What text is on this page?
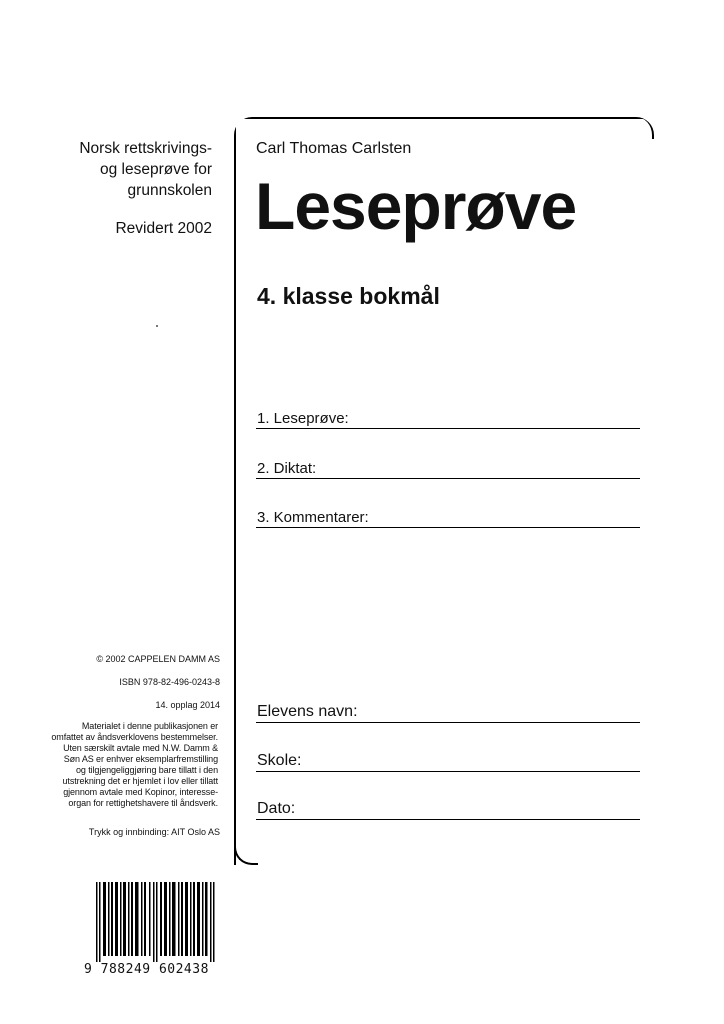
Norsk rettskrivings-
og leseprøve for
grunnskolen
Revidert 2002
© 2002 CAPPELEN DAMM AS
ISBN 978-82-496-0243-8
14. opplag 2014
Materialet i denne publikasjonen er
omfattet av åndsverklovens bestemmelser.
Uten særskilt avtale med N.W. Damm &
Søn AS er enhver eksemplarfremstilling
og tilgjengeliggjøring bare tillatt i den
utstrekning det er hjemlet i lov eller tillatt
gjennom avtale med Kopinor, interesse-
organ for rettighetshavere til åndsverk.
Trykk og innbinding: AIT Oslo AS
Carl Thomas Carlsten
Leseprøve
4. klasse bokmål
1. Leseprøve:
2. Diktat:
3. Kommentarer:
Elevens navn:
Skole:
Dato:
9 788249 602438
